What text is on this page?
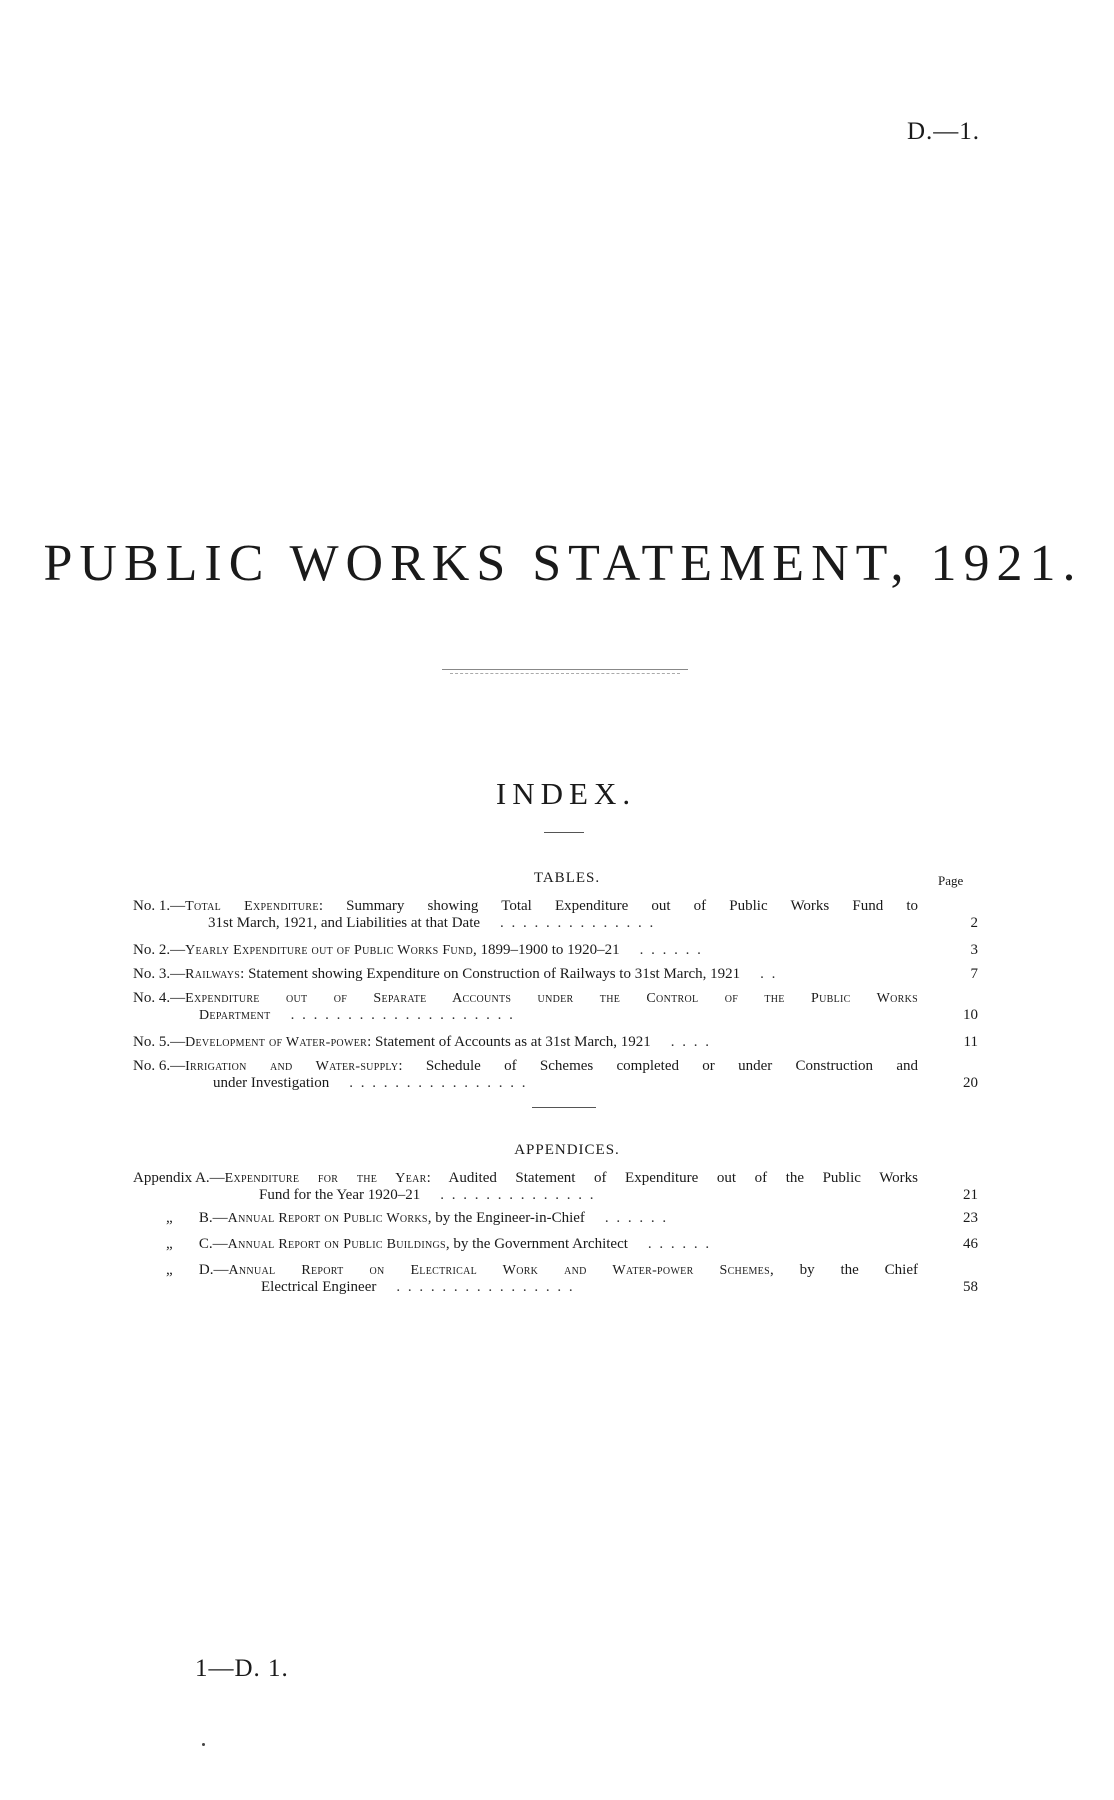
D.—1.
PUBLIC WORKS STATEMENT, 1921.
INDEX.
TABLES.	Page
No. 1.— Total Expenditure: Summary showing Total Expenditure out of Public Works Fund to
31st March, 1921, and Liabilities at that Date	. . . . . . . . . . . . . .	2
No. 2.— Yearly Expenditure out of Public Works Fund , 1899–1900 to 1920–21	. . . . . .	3
No. 3.— Railways : Statement showing Expenditure on Construction of Railways to 31st March, 1921	. .	7
No. 4.— Expenditure out of Separate Accounts under the Control of the Public Works
Department	. . . . . . . . . . . . . . . . . . . .	10
No. 5.— Development of Water-power : Statement of Accounts as at 31st March, 1921	. . . .	11
No. 6.— Irrigation and Water-supply: Schedule of Schemes completed or under Construction and
under Investigation	. . . . . . . . . . . . . . . .	20
APPENDICES.
Appendix A.— Expenditure for the Year: Audited Statement of Expenditure out of the Public Works
Fund for the Year 1920–21	. . . . . . . . . . . . . .	21
„       B.— Annual Report on Public Works , by the Engineer-in-Chief	. . . . . .	23
„       C.— Annual Report on Public Buildings , by the Government Architect	. . . . . .	46
„       D.— Annual Report on Electrical Work and Water-power Schemes, by the Chief
Electrical Engineer	. . . . . . . . . . . . . . . .	58
1—D. 1.
